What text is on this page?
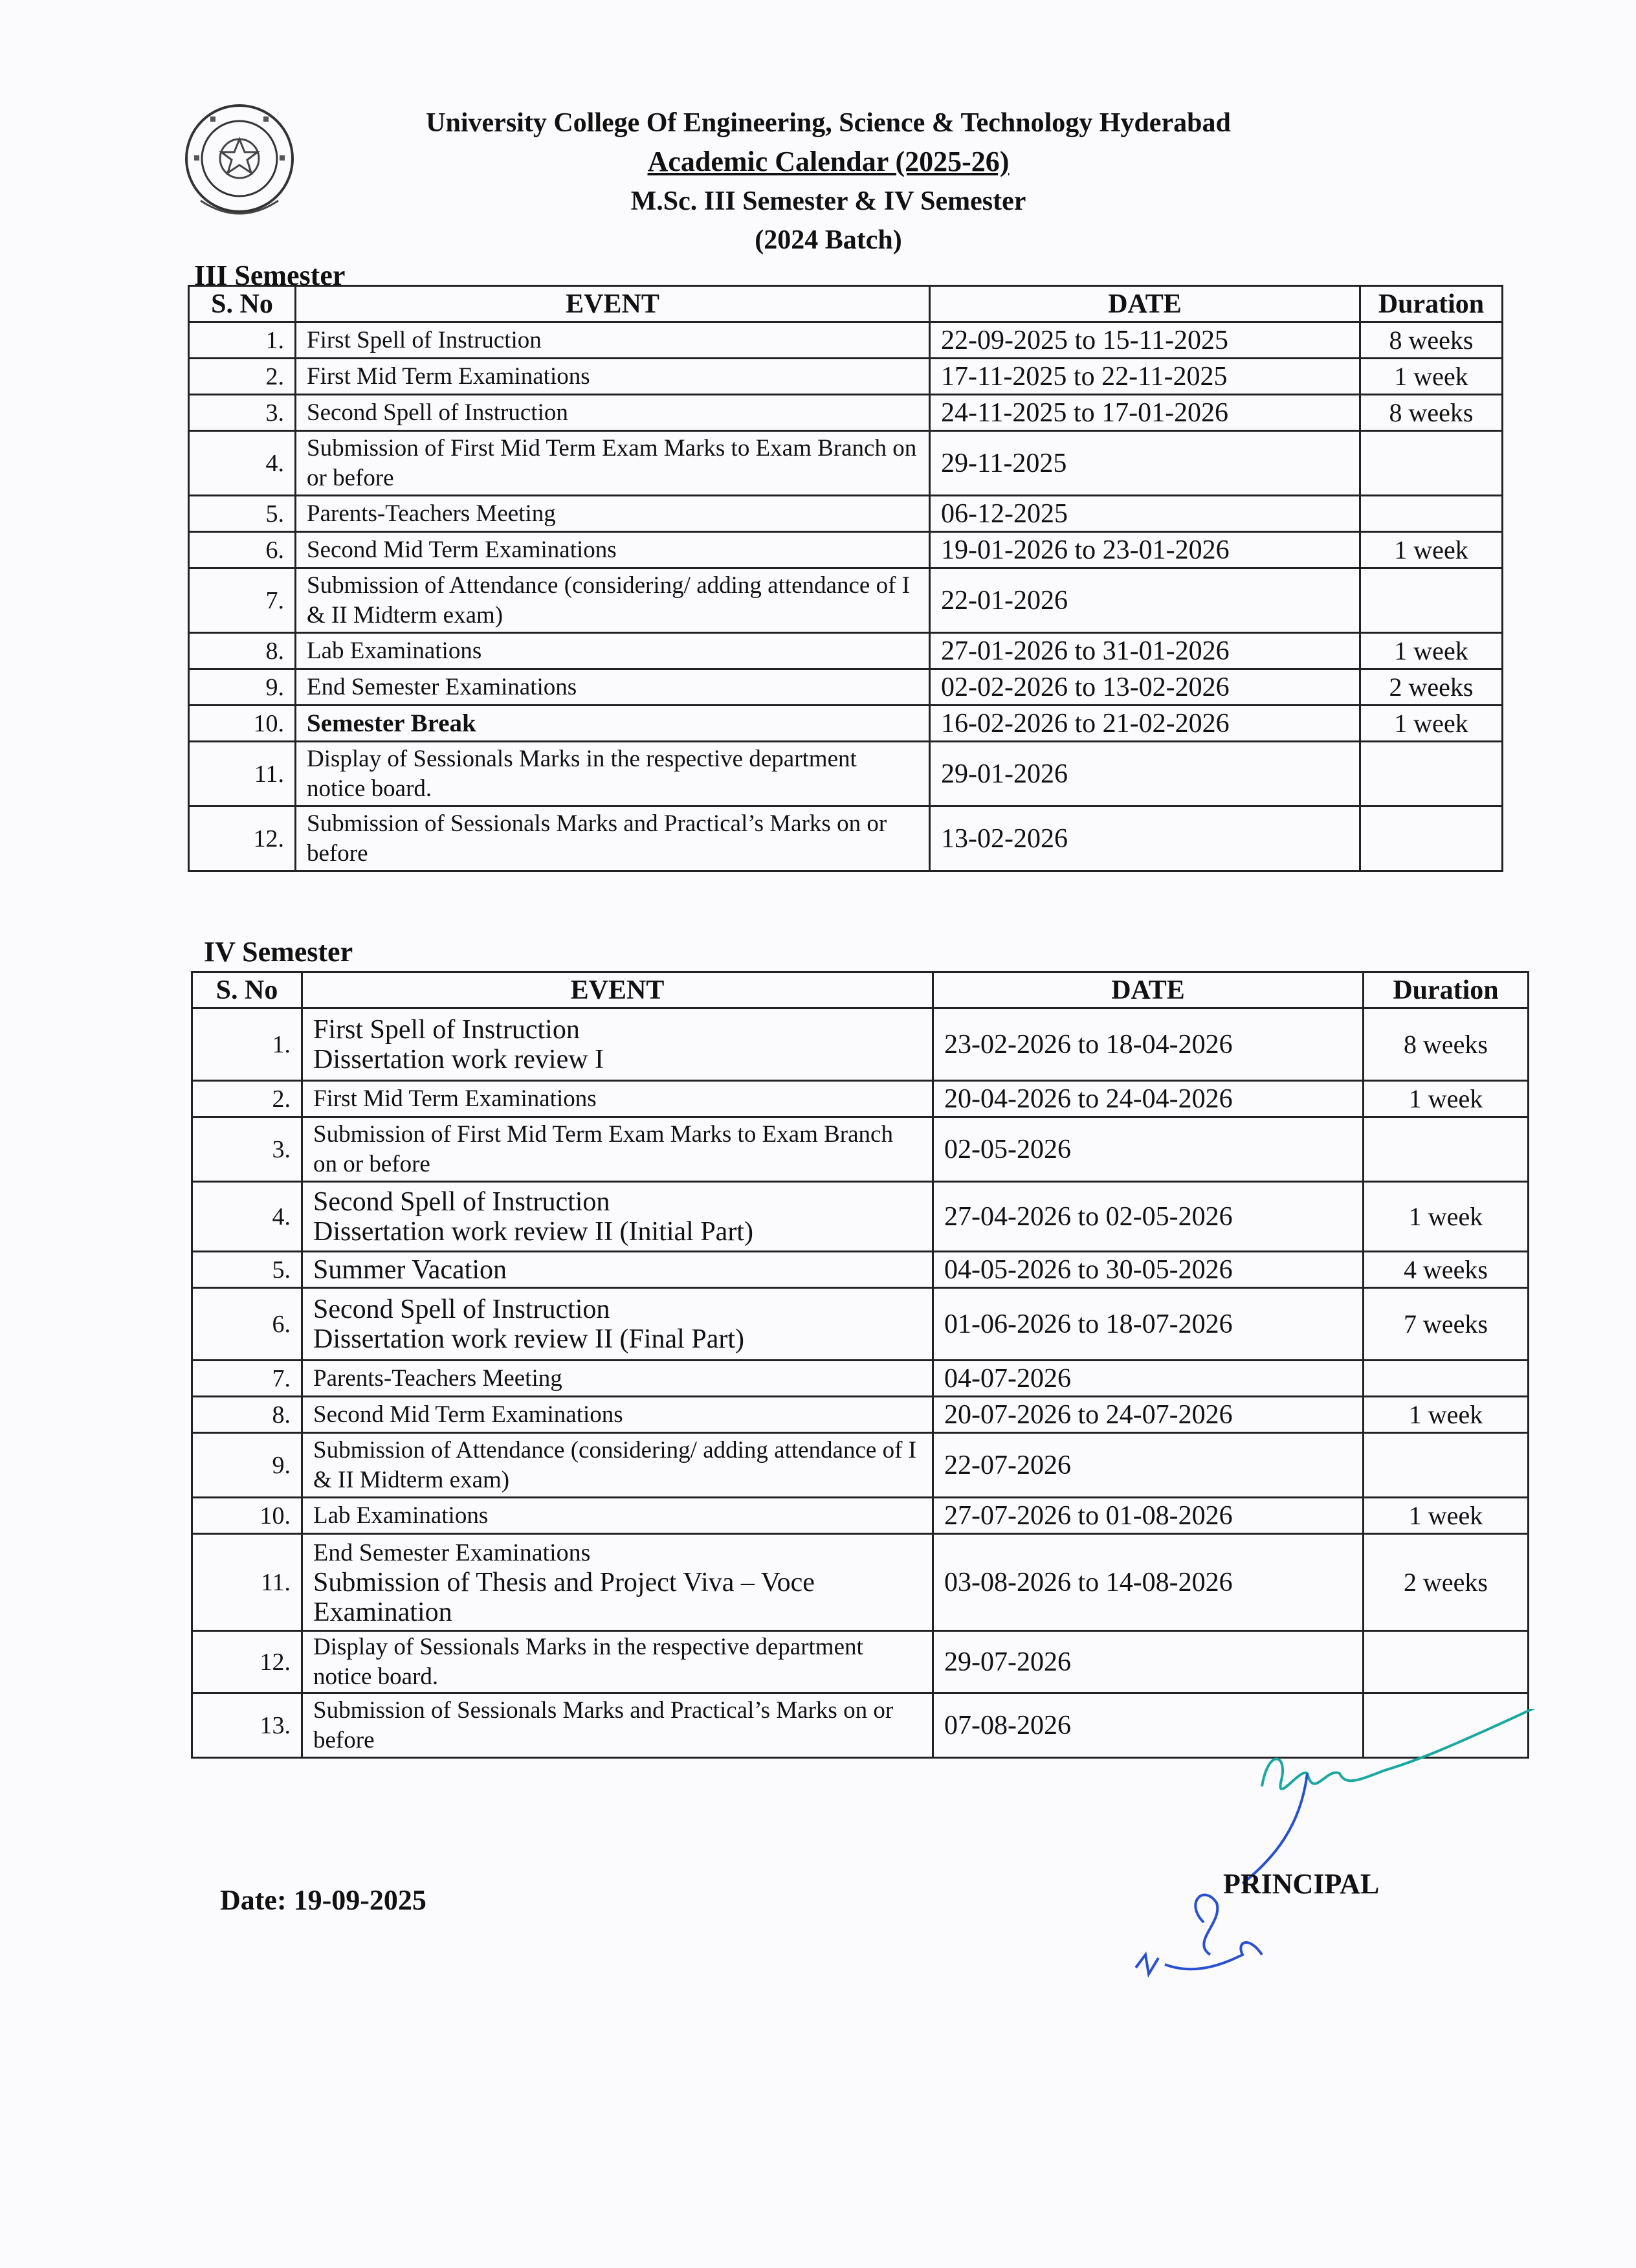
University College Of Engineering, Science & Technology Hyderabad
Academic Calendar (2025-26)
M.Sc. III Semester & IV Semester
(2024 Batch)
III Semester
S. No	EVENT	DATE	Duration
1.	First Spell of Instruction	22-09-2025 to 15-11-2025	8 weeks
2.	First Mid Term Examinations	17-11-2025 to 22-11-2025	1 week
3.	Second Spell of Instruction	24-11-2025 to 17-01-2026	8 weeks
4.	Submission of First Mid Term Exam Marks to Exam Branch on or before	29-11-2025	
5.	Parents-Teachers Meeting	06-12-2025	
6.	Second Mid Term Examinations	19-01-2026 to 23-01-2026	1 week
7.	Submission of Attendance (considering/ adding attendance of I & II Midterm exam)	22-01-2026	
8.	Lab Examinations	27-01-2026 to 31-01-2026	1 week
9.	End Semester Examinations	02-02-2026 to 13-02-2026	2 weeks
10.	Semester Break	16-02-2026 to 21-02-2026	1 week
11.	Display of Sessionals Marks in the respective department notice board.	29-01-2026	
12.	Submission of Sessionals Marks and Practical’s Marks on or before	13-02-2026	
IV Semester
S. No	EVENT	DATE	Duration
1.	First Spell of Instruction
Dissertation work review I	23-02-2026 to 18-04-2026	8 weeks
2.	First Mid Term Examinations	20-04-2026 to 24-04-2026	1 week
3.	Submission of First Mid Term Exam Marks to Exam Branch on or before	02-05-2026	
4.	Second Spell of Instruction
Dissertation work review II (Initial Part)	27-04-2026 to 02-05-2026	1 week
5.	Summer Vacation	04-05-2026 to 30-05-2026	4 weeks
6.	Second Spell of Instruction
Dissertation work review II (Final Part)	01-06-2026 to 18-07-2026	7 weeks
7.	Parents-Teachers Meeting	04-07-2026	
8.	Second Mid Term Examinations	20-07-2026 to 24-07-2026	1 week
9.	Submission of Attendance (considering/ adding attendance of I & II Midterm exam)	22-07-2026	
10.	Lab Examinations	27-07-2026 to 01-08-2026	1 week
11.	End Semester Examinations
Submission of Thesis and Project Viva – Voce
Examination	03-08-2026 to 14-08-2026	2 weeks
12.	Display of Sessionals Marks in the respective department notice board.	29-07-2026	
13.	Submission of Sessionals Marks and Practical’s Marks on or before	07-08-2026	
Date: 19-09-2025
PRINCIPAL
